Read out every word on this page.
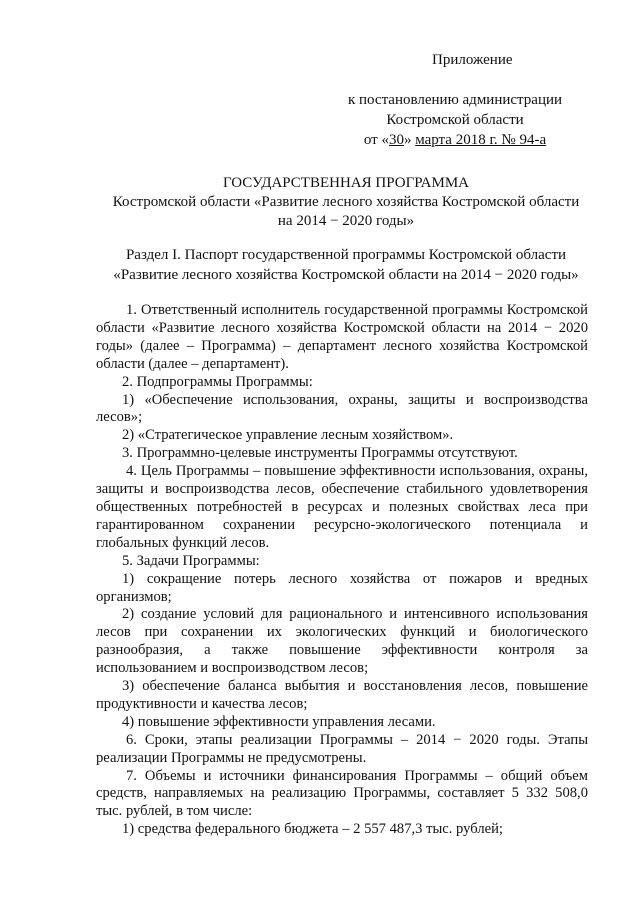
Приложение
к постановлению администрации
Костромской области
от «30» марта 2018 г. № 94-а
ГОСУДАРСТВЕННАЯ ПРОГРАММА
Костромской области «Развитие лесного хозяйства Костромской области
на 2014 − 2020 годы»
Раздел I. Паспорт государственной программы Костромской области
«Развитие лесного хозяйства Костромской области на 2014 − 2020 годы»

1. Ответственный исполнитель государственной программы Костромской области «Развитие лесного хозяйства Костромской области на 2014 − 2020 годы» (далее – Программа) – департамент лесного хозяйства Костромской области (далее – департамент).

2. Подпрограммы Программы:

1) «Обеспечение использования, охраны, защиты и воспроизводства лесов»;

2) «Стратегическое управление лесным хозяйством».

3. Программно-целевые инструменты Программы отсутствуют.

4. Цель Программы – повышение эффективности использования, охраны, защиты и воспроизводства лесов, обеспечение стабильного удовлетворения общественных потребностей в ресурсах и полезных свойствах леса при гарантированном сохранении ресурсно-экологического потенциала и глобальных функций лесов.

5. Задачи Программы:

1) сокращение потерь лесного хозяйства от пожаров и вредных организмов;

2) создание условий для рационального и интенсивного использования лесов при сохранении их экологических функций и биологического разнообразия, а также повышение эффективности контроля за использованием и воспроизводством лесов;

3) обеспечение баланса выбытия и восстановления лесов, повышение продуктивности и качества лесов;

4) повышение эффективности управления лесами.

6. Сроки, этапы реализации Программы – 2014 − 2020 годы. Этапы реализации Программы не предусмотрены.

7. Объемы и источники финансирования Программы – общий объем средств, направляемых на реализацию Программы, составляет 5 332 508,0 тыс. рублей, в том числе:

1) средства федерального бюджета – 2 557 487,3 тыс. рублей;
